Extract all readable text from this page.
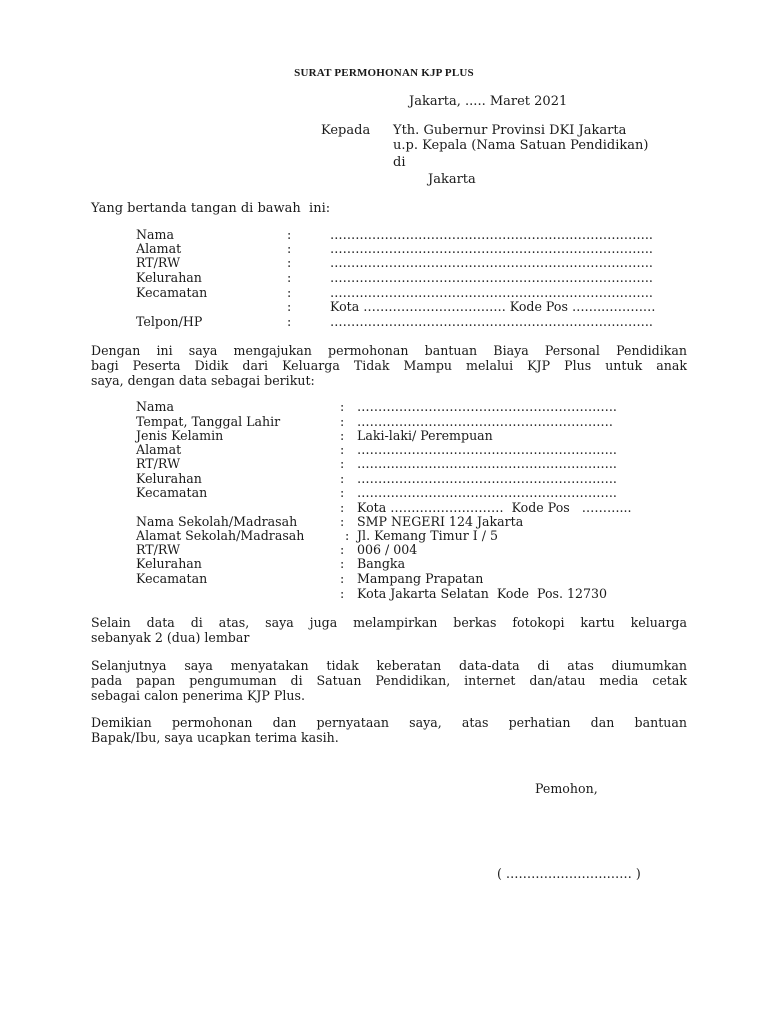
SURAT PERMOHONAN KJP PLUS
Jakarta, ..... Maret 2021
Kepada Yth. Gubernur Provinsi DKI Jakarta
u.p. Kepala (Nama Satuan Pendidikan)
di
Jakarta
Yang bertanda tangan di bawah  ini:
Nama	:	…………………………………………………………………..
Alamat	:	…………………………………………………………………..
RT/RW	:	…………………………………………………………………..
Kelurahan	:	…………………………………………………………………..
Kecamatan	:	…………………………………………………………………..
:	Kota ……………………………. Kode Pos ……..…………
Telpon/HP	:	…………………………………………………………………..
Dengan ini saya mengajukan permohonan bantuan Biaya Personal Pendidikan
bagi Peserta Didik dari Keluarga Tidak Mampu melalui KJP Plus untuk anak
saya, dengan data sebagai berikut:
Nama	: ……………………………………………………..
Tempat, Tanggal Lahir	: …………………………………………………….
Jenis Kelamin	: Laki-laki/ Perempuan
Alamat	: ……………………………………………………..
RT/RW	: ……………………………………………………..
Kelurahan	: ……………………………………………………..
Kecamatan	: ……………………………………………………..
: Kota ………………………  Kode Pos   ………...
Nama Sekolah/Madrasah	: SMP NEGERI 124 Jakarta
Alamat Sekolah/Madrasah	: Jl. Kemang Timur I / 5
RT/RW	: 006 / 004
Kelurahan	: Bangka
Kecamatan	: Mampang Prapatan
: Kota Jakarta Selatan  Kode  Pos. 12730
Selain data di atas, saya juga melampirkan berkas fotokopi kartu keluarga
sebanyak 2 (dua) lembar
Selanjutnya saya menyatakan tidak keberatan data-data di atas diumumkan
pada papan pengumuman di Satuan Pendidikan, internet dan/atau media cetak
sebagai calon penerima KJP Plus.
Demikian permohonan dan pernyataan saya, atas perhatian dan bantuan
Bapak/Ibu, saya ucapkan terima kasih.
Pemohon,
( ………………………… )
